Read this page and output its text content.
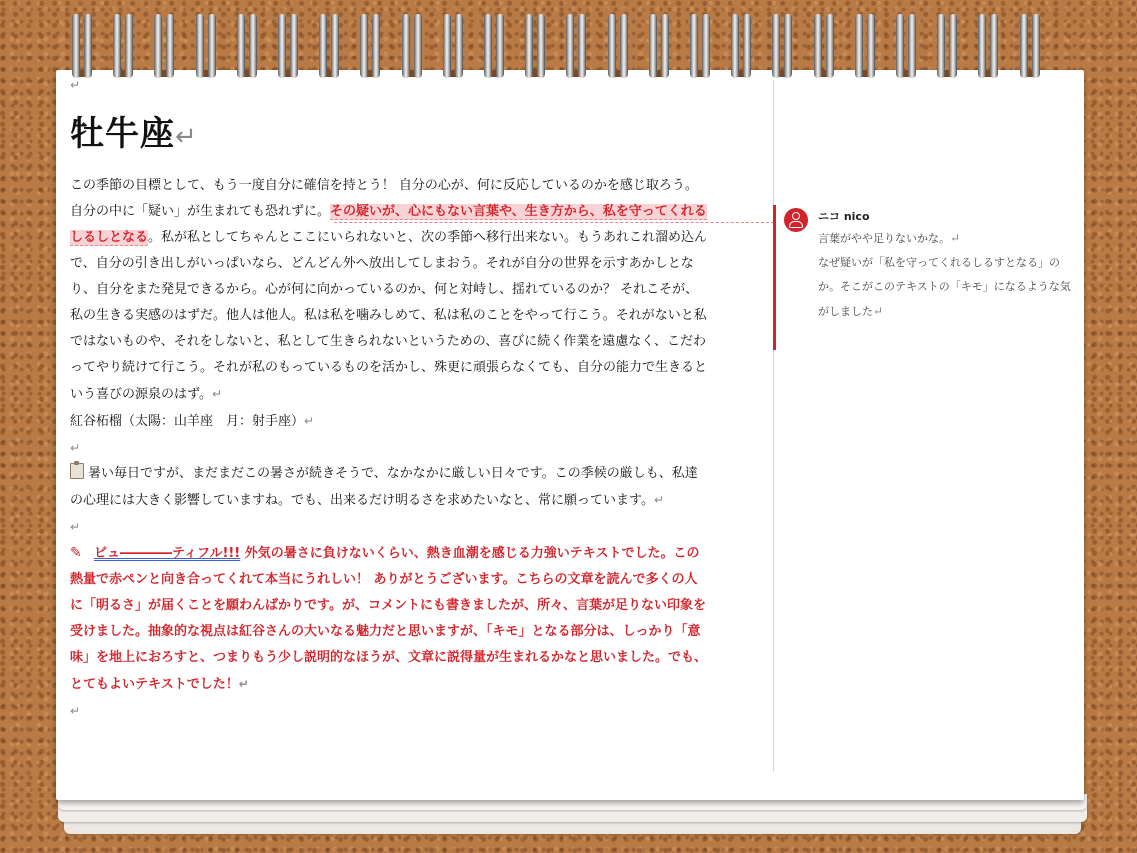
↵
牡牛座↵

この季節の目標として、もう一度自分に確信を持とう！ 自分の心が、何に反応しているのかを感じ取ろう。自分の中に「疑い」が生まれても恐れずに。その疑いが、心にもない言葉や、生き方から、私を守ってくれるしるしとなる。私が私としてちゃんとここにいられないと、次の季節へ移行出来ない。もうあれこれ溜め込んで、自分の引き出しがいっぱいなら、どんどん外へ放出してしまおう。それが自分の世界を示すあかしとなり、自分をまた発見できるから。心が何に向かっているのか、何と対峙し、揺れているのか？ それこそが、私の生きる実感のはずだ。他人は他人。私は私を噛みしめて、私は私のことをやって行こう。それがないと私ではないものや、それをしないと、私として生きられないというための、喜びに続く作業を遠慮なく、こだわってやり続けて行こう。それが私のもっているものを活かし、殊更に頑張らなくても、自分の能力で生きるという喜びの源泉のはず。↵

紅谷柘榴（太陽：山羊座　月：射手座）↵

↵

暑い毎日ですが、まだまだこの暑さが続きそうで、なかなかに厳しい日々です。この季候の厳しも、私達の心理には大きく影響していますね。でも、出来るだけ明るさを求めたいなと、常に願っています。↵

↵

✎ ビュ――――ティフル!!! 外気の暑さに負けないくらい、熱き血潮を感じる力強いテキストでした。この熱量で赤ペンと向き合ってくれて本当にうれしい！ ありがとうございます。こちらの文章を読んで多くの人に「明るさ」が届くことを願わんばかりです。が、コメントにも書きましたが、所々、言葉が足りない印象を受けました。抽象的な視点は紅谷さんの大いなる魅力だと思いますが、「キモ」となる部分は、しっかり「意味」を地上におろすと、つまりもう少し説明的なほうが、文章に説得量が生まれるかなと思いました。でも、とてもよいテキストでした！↵

↵
ニコ nico

言葉がやや足りないかな。↵
なぜ疑いが「私を守ってくれるしるすとなる」のか。そこがこのテキストの「キモ」になるような気がしました↵
